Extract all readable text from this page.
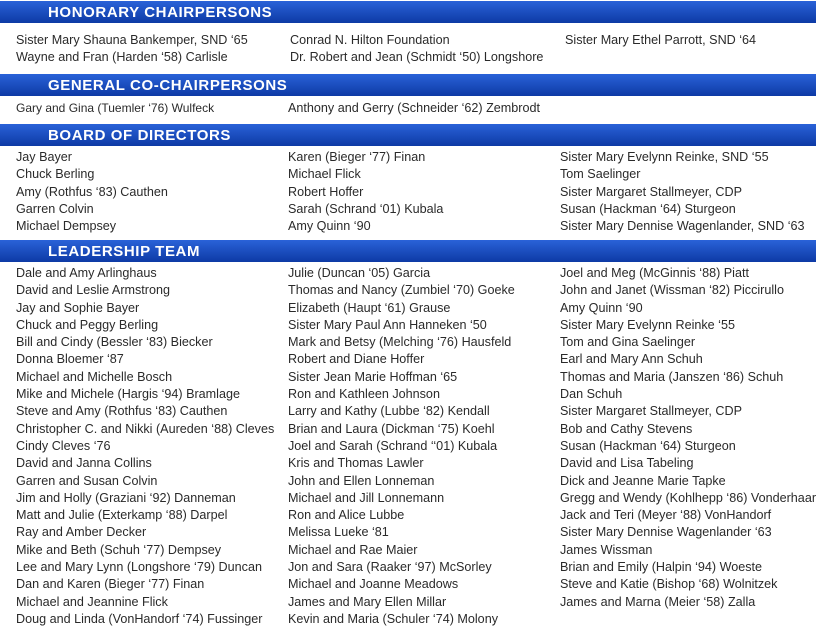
HONORARY CHAIRPERSONS
Sister Mary Shauna Bankemper, SND ‘65
Wayne and Fran (Harden ‘58) Carlisle
Conrad N. Hilton Foundation
Dr. Robert and Jean (Schmidt ‘50) Longshore
Sister Mary Ethel Parrott, SND ‘64
GENERAL CO-CHAIRPERSONS
Gary and Gina (Tuemler ‘76) Wulfeck	Anthony and Gerry (Schneider ‘62) Zembrodt
BOARD OF DIRECTORS
Jay Bayer
Chuck Berling
Amy (Rothfus ‘83) Cauthen
Garren Colvin
Michael Dempsey
Karen (Bieger ‘77) Finan
Michael Flick
Robert Hoffer
Sarah (Schrand ‘01) Kubala
Amy Quinn ‘90
Sister Mary Evelynn Reinke, SND ‘55
Tom Saelinger
Sister Margaret Stallmeyer, CDP
Susan (Hackman ‘64) Sturgeon
Sister Mary Dennise Wagenlander, SND ‘63
LEADERSHIP TEAM
Dale and Amy Arlinghaus
David and Leslie Armstrong
Jay and Sophie Bayer
Chuck and Peggy Berling
Bill and Cindy (Bessler ‘83) Biecker
Donna Bloemer ‘87
Michael and Michelle Bosch
Mike and Michele (Hargis ‘94) Bramlage
Steve and Amy (Rothfus ‘83) Cauthen
Christopher C. and Nikki (Aureden ‘88) Cleves
Cindy Cleves ‘76
David and Janna Collins
Garren and Susan Colvin
Jim and Holly (Graziani ‘92) Danneman
Matt and Julie (Exterkamp ‘88) Darpel
Ray and Amber Decker
Mike and Beth (Schuh ‘77) Dempsey
Lee and Mary Lynn (Longshore ‘79) Duncan
Dan and Karen (Bieger ‘77) Finan
Michael and Jeannine Flick
Doug and Linda (VonHandorf ‘74) Fussinger
Julie (Duncan ‘05) Garcia
Thomas and Nancy (Zumbiel ‘70) Goeke
Elizabeth (Haupt ‘61) Grause
Sister Mary Paul Ann Hanneken ‘50
Mark and Betsy (Melching ‘76) Hausfeld
Robert and Diane Hoffer
Sister Jean Marie Hoffman ‘65
Ron and Kathleen Johnson
Larry and Kathy (Lubbe ‘82) Kendall
Brian and Laura (Dickman ‘75) Koehl
Joel and Sarah (Schrand ‘‘01) Kubala
Kris and Thomas Lawler
John and Ellen Lonneman
Michael and Jill Lonnemann
Ron and Alice Lubbe
Melissa Lueke ‘81
Michael and Rae Maier
Jon and Sara (Raaker ‘97) McSorley
Michael and Joanne Meadows
James and Mary Ellen Millar
Kevin and Maria (Schuler ‘74) Molony
Joel and Meg (McGinnis ‘88) Piatt
John and Janet (Wissman ‘82) Piccirullo
Amy Quinn ‘90
Sister Mary Evelynn Reinke ‘55
Tom and Gina Saelinger
Earl and Mary Ann Schuh
Thomas and Maria (Janszen ‘86) Schuh
Dan Schuh
Sister Margaret Stallmeyer, CDP
Bob and Cathy Stevens
Susan (Hackman ‘64) Sturgeon
David and Lisa Tabeling
Dick and Jeanne Marie Tapke
Gregg and Wendy (Kohlhepp ‘86) Vonderhaar
Jack and Teri (Meyer ‘88) VonHandorf
Sister Mary Dennise Wagenlander ‘63
James Wissman
Brian and Emily (Halpin ‘94) Woeste
Steve and Katie (Bishop ‘68) Wolnitzek
James and Marna (Meier ‘58) Zalla
